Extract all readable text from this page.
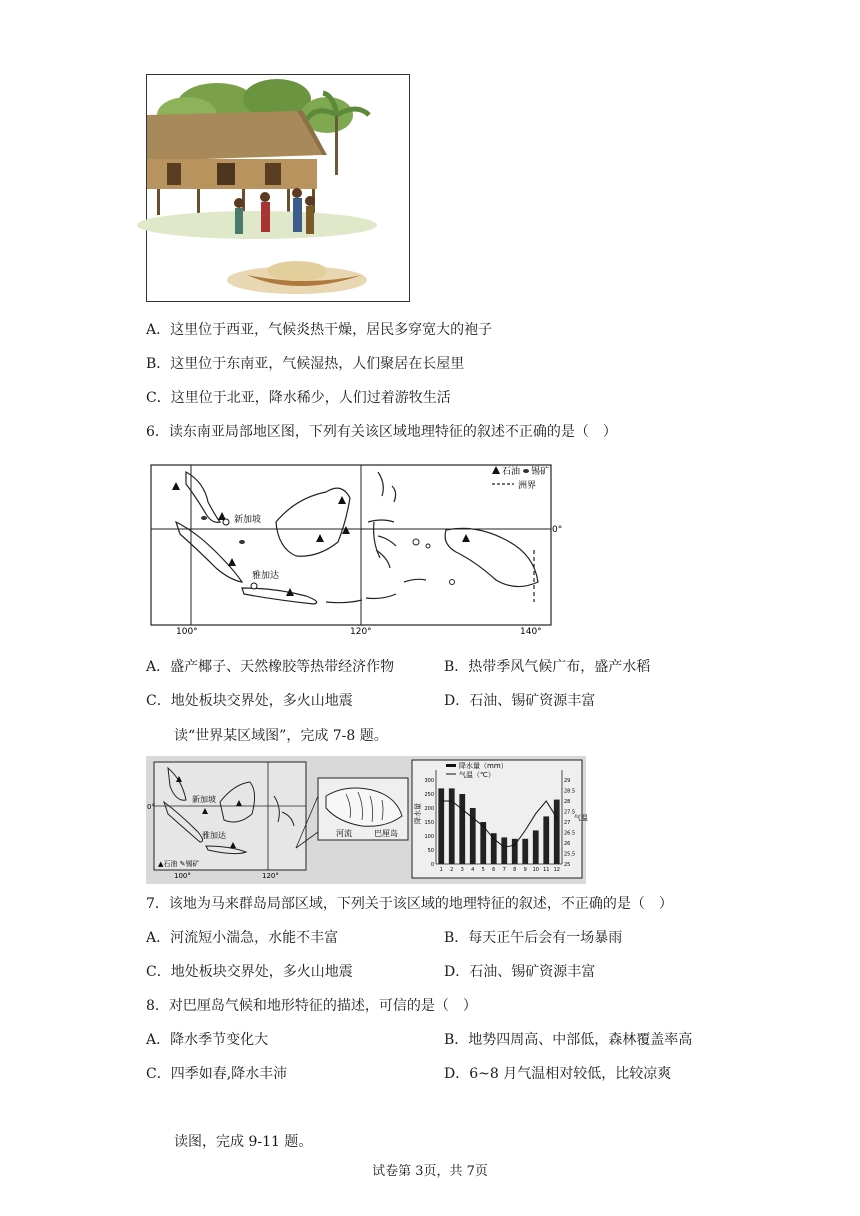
A．这里位于西亚，气候炎热干燥，居民多穿宽大的袍子
B．这里位于东南亚，气候湿热，人们聚居在长屋里
C．这里位于北亚，降水稀少，人们过着游牧生活
6．读东南亚局部地区图，下列有关该区域地理特征的叙述不正确的是（　）
新加坡
雅加达
石油 锡矿
洲界
100°	120°	140°
0°
A．盛产椰子、天然橡胶等热带经济作物	B．热带季风气候广布，盛产水稻
C．地处板块交界处，多火山地震	D．石油、锡矿资源丰富
读“世界某区域图”，完成 7-8 题。
新加坡
雅加达
▲石油 ✎锡矿
0°
100°	120°
河流	巴厘岛
降水量（mm）
气温（℃）
降水量	气温
300
250
200
150
100
50
0
29
28.5
28
27.5
27
26.5
26
25.5
25
1 2 3 4 5 6 7 8 9 10 11 12
7．该地为马来群岛局部区域，下列关于该区域的地理特征的叙述，不正确的是（　）
A．河流短小湍急，水能不丰富	B．每天正午后会有一场暴雨
C．地处板块交界处，多火山地震	D．石油、锡矿资源丰富
8．对巴厘岛气候和地形特征的描述，可信的是（　）
A．降水季节变化大	B．地势四周高、中部低，森林覆盖率高
C．四季如春,降水丰沛	D．6~8 月气温相对较低，比较凉爽
读图，完成 9-11 题。
试卷第 3页，共 7页
